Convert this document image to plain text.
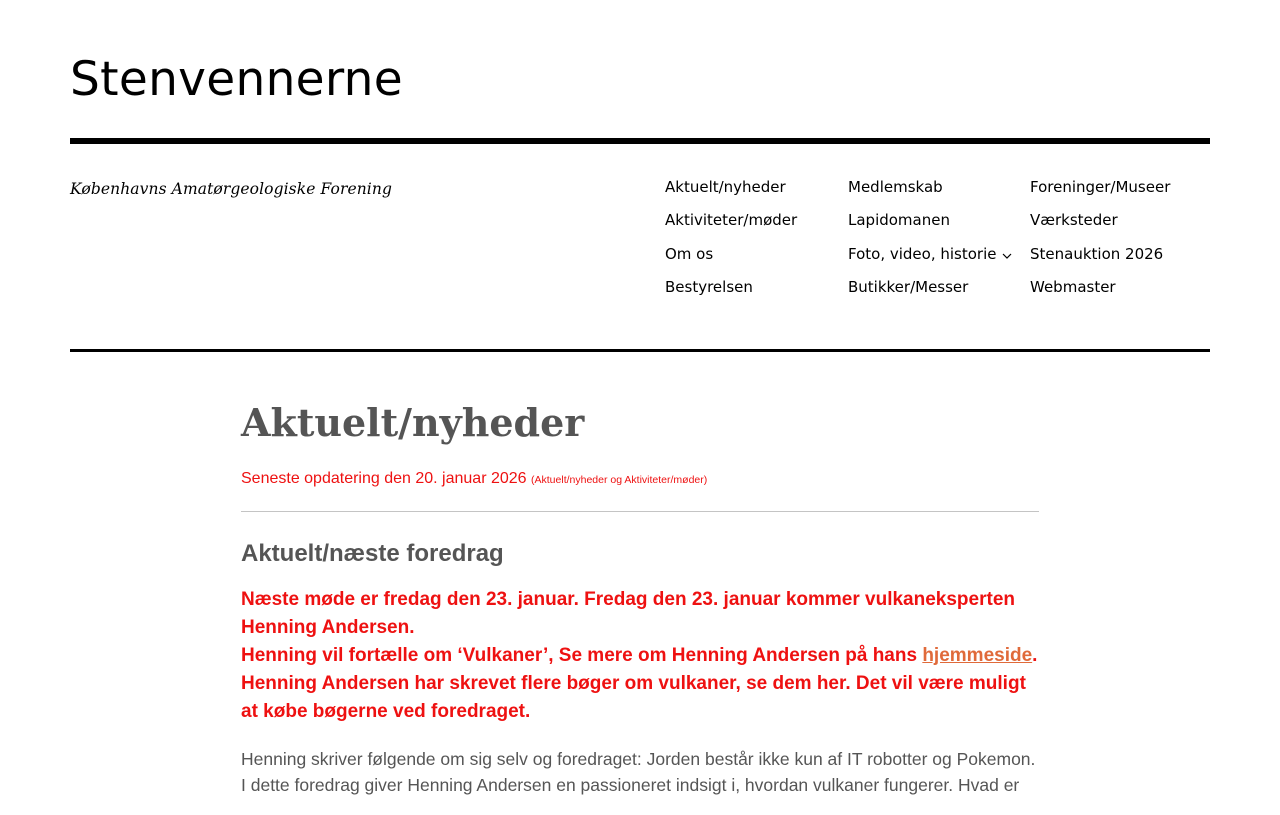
Stenvennerne
Københavns Amatørgeologiske Forening	Aktuelt/nyheder
Aktiviteter/møder
Om os
Bestyrelsen
Medlemskab
Lapidomanen
Foto, video, historie
Butikker/Messer
Foreninger/Museer
Værksteder
Stenauktion 2026
Webmaster
Aktuelt/nyheder
Seneste opdatering den 20. januar 2026 (Aktuelt/nyheder og Aktiviteter/møder)
Aktuelt/næste foredrag
Næste møde er fredag den 23. januar. Fredag den 23. januar kommer vulkaneksperten Henning Andersen.
Henning vil fortælle om ‘Vulkaner’, Se mere om Henning Andersen på hans hjemmeside.
Henning Andersen har skrevet flere bøger om vulkaner, se dem her. Det vil være muligt at købe bøgerne ved foredraget.

Henning skriver følgende om sig selv og foredraget: Jorden består ikke kun af IT robotter og Pokemon. I dette foredrag giver Henning Andersen en passioneret indsigt i, hvordan vulkaner fungerer. Hvad er
